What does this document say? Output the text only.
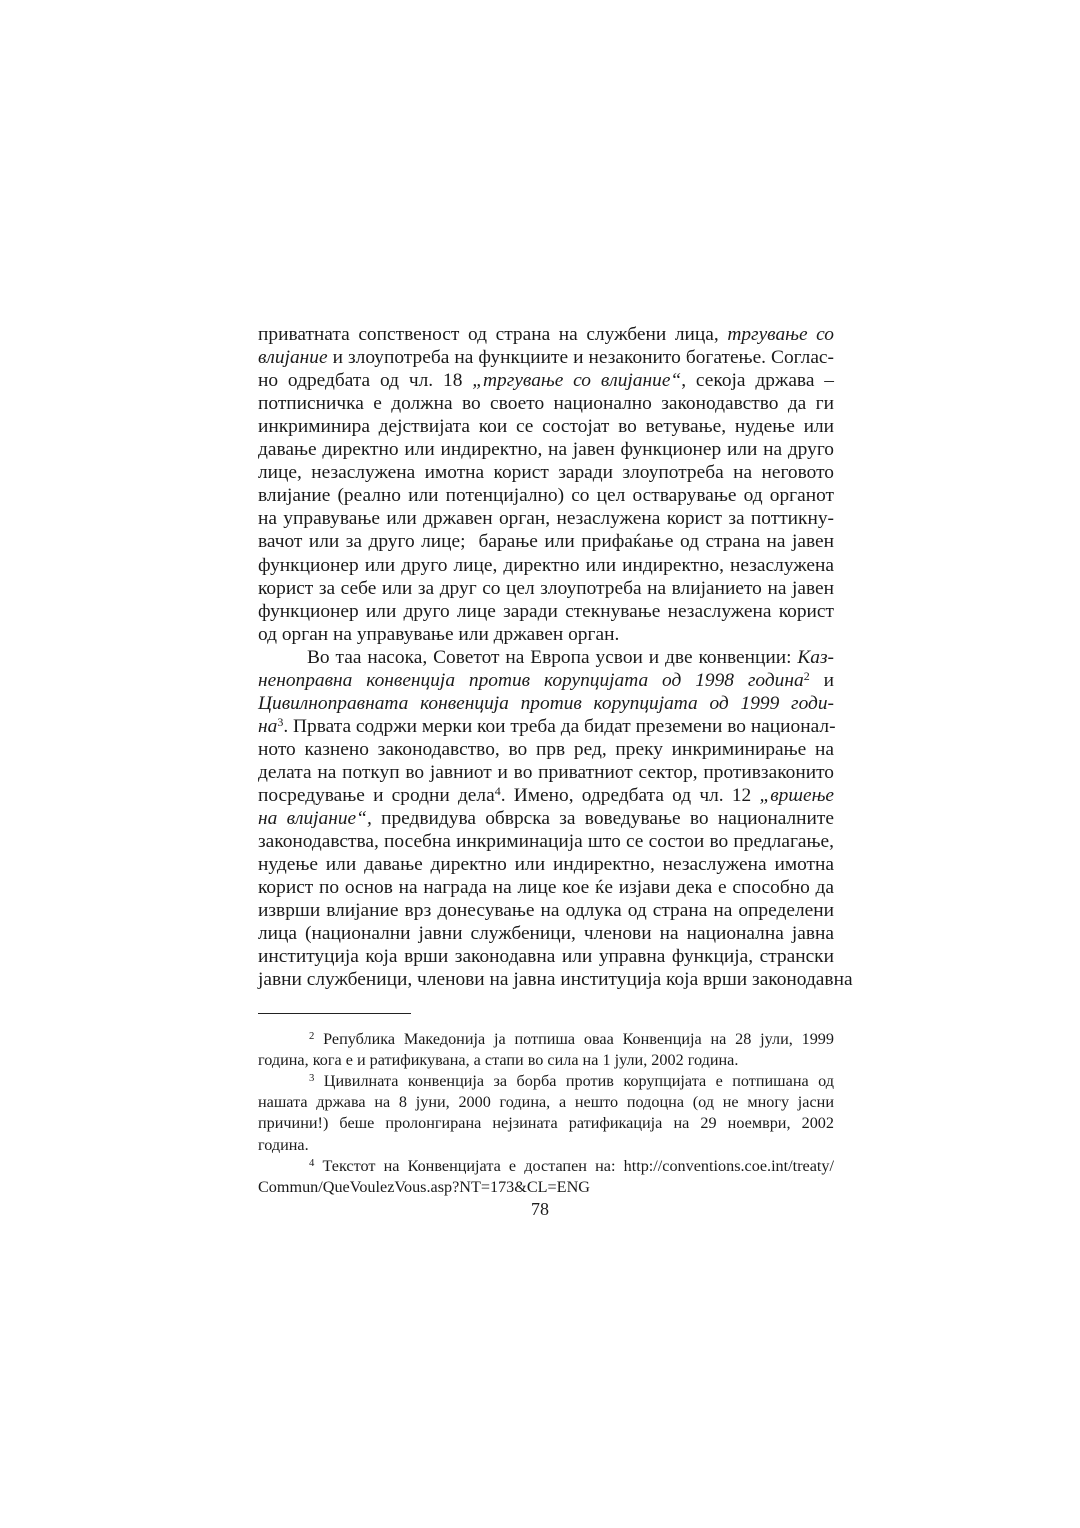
приватната сопственост од страна на службени лица, тргување со
влијание и злоупотреба на функциите и незаконито богатење. Соглас-
но одредбата од чл. 18 „тргување со влијание“, секоја држава –
потписничка е должна во своето национално законодавство да ги
инкриминира дејствијата кои се состојат во ветување, нудење или
давање директно или индиректно, на јавен функционер или на друго
лице, незаслужена имотна корист заради злоупотреба на неговото
влијание (реално или потенцијално) со цел остварување од органот
на управување или државен орган, незаслужена корист за поттикну-
вачот или за друго лице;  барање или прифаќање од страна на јавен
функционер или друго лице, директно или индиректно, незаслужена
корист за себе или за друг со цел злоупотреба на влијанието на јавен
функционер или друго лице заради стекнување незаслужена корист
од орган на управување или државен орган.
Во таа насока, Советот на Европа усвои и две конвенции: Каз-
неноправна конвенција против корупцијата од 1998 година$^2$ и
Цивилноправната конвенција против корупцијата од 1999 годи-
$на^3$. Првата содржи мерки кои треба да бидат преземени во национал-
ното казнено законодавство, во прв ред, преку инкриминирање на
делата на поткуп во јавниот и во приватниот сектор, противзаконито
посредување и сродни дела$^4$. Имено, одредбата од чл. 12 „вршење
на влијание“, предвидува обврска за воведување во националните
законодавства, посебна инкриминација што се состои во предлагање,
нудење или давање директно или индиректно, незаслужена имотна
корист по основ на награда на лице кое ќе изјави дека е способно да
изврши влијание врз донесување на одлука од страна на определени
лица (национални јавни службеници, членови на национална јавна
институција која врши законодавна или управна функција, странски
јавни службеници, членови на јавна институција која врши законодавна
$^2$ Република Македонија ја потпиша оваа Конвенција на 28 јули, 1999
година, кога е и ратификувана, а стапи во сила на 1 јули, 2002 година.
$^3$ Цивилната конвенција за борба против корупцијата е потпишана од
нашата држава на 8 јуни, 2000 година, а нешто подоцна (од не многу јасни
причини!) беше пролонгирана нејзината ратификација на 29 ноември, 2002
година.
$^4$ Текстот на Конвенцијата е достапен на: http://conventions.coe.int/treaty/
Commun/QueVoulezVous.asp?NT=173&CL=ENG
78
